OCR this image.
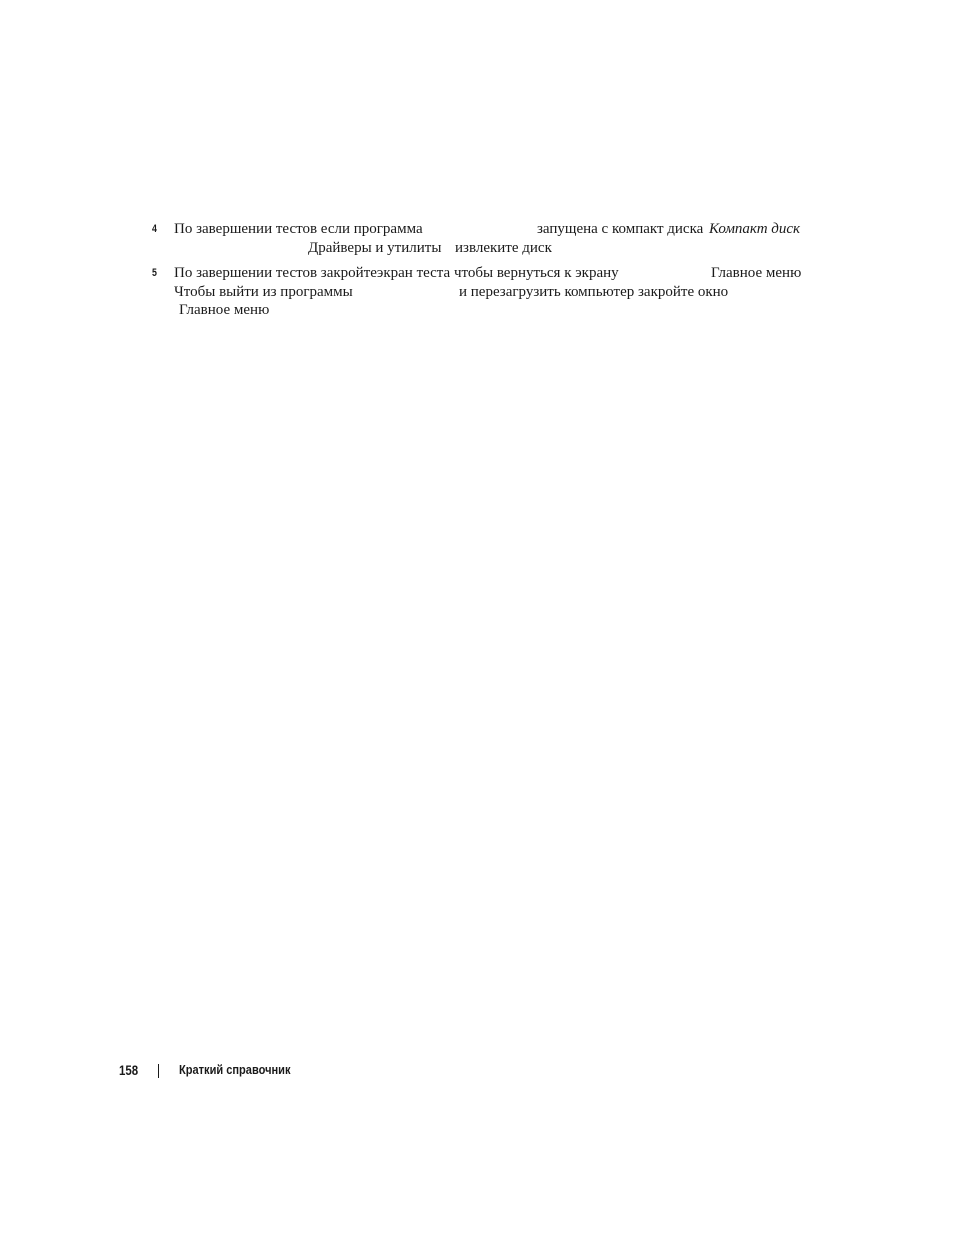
4 По завершении тестов если программа	запущена с компакт диска Компакт диск
Драйверы и утилиты извлеките диск
5 По завершении тестов закройтеэкран теста чтобы вернуться к экрану	Главное меню
Чтобы выйти из программы	и перезагрузить компьютер закройте окно
Главное меню
158	Краткий справочник
